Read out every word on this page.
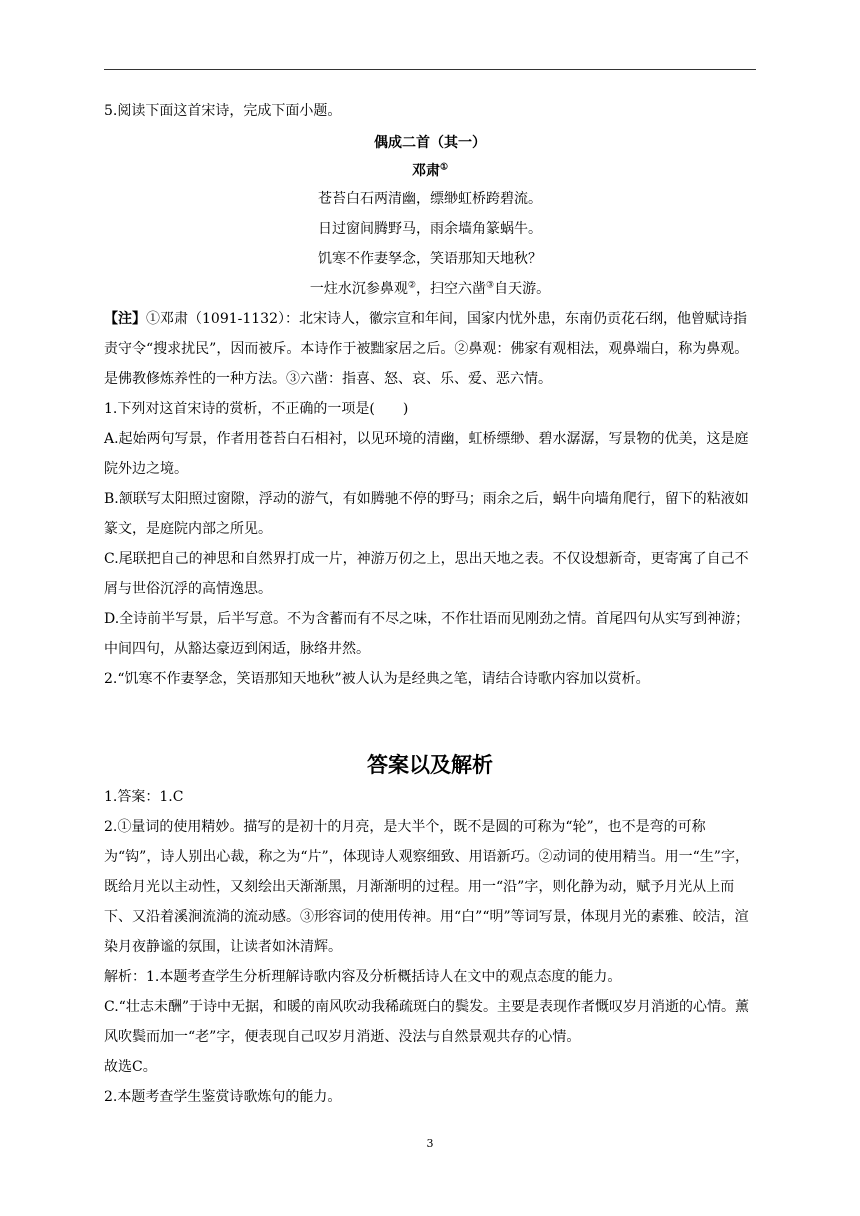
5.阅读下面这首宋诗，完成下面小题。
偶成二首（其一）
邓肃①
苍苔白石两清幽，缥缈虹桥跨碧流。
日过窗间腾野马，雨余墙角篆蜗牛。
饥寒不作妻孥念，笑语那知天地秋？
一炷水沉参鼻观②，扫空六凿③自天游。
【注】①邓肃（1091-1132）：北宋诗人，徽宗宣和年间，国家内忧外患，东南仍贡花石纲，他曾赋诗指责守令“搜求扰民”，因而被斥。本诗作于被黜家居之后。②鼻观：佛家有观相法，观鼻端白，称为鼻观。是佛教修炼养性的一种方法。③六凿：指喜、怒、哀、乐、爱、恶六情。
1.下列对这首宋诗的赏析，不正确的一项是(　　)
A.起始两句写景，作者用苍苔白石相衬，以见环境的清幽，虹桥缥缈、碧水潺潺，写景物的优美，这是庭院外边之境。
B.颔联写太阳照过窗隙，浮动的游气，有如腾驰不停的野马；雨余之后，蜗牛向墙角爬行，留下的粘液如篆文，是庭院内部之所见。
C.尾联把自己的神思和自然界打成一片，神游万仞之上，思出天地之表。不仅设想新奇，更寄寓了自己不屑与世俗沉浮的高情逸思。
D.全诗前半写景，后半写意。不为含蓄而有不尽之味，不作壮语而见刚劲之情。首尾四句从实写到神游；中间四句，从豁达豪迈到闲适，脉络井然。
2.“饥寒不作妻孥念，笑语那知天地秋”被人认为是经典之笔，请结合诗歌内容加以赏析。
答案以及解析
1.答案：1.C
2.①量词的使用精妙。描写的是初十的月亮，是大半个，既不是圆的可称为“轮”，也不是弯的可称为“钩”，诗人别出心裁，称之为“片”，体现诗人观察细致、用语新巧。②动词的使用精当。用一“生”字，既给月光以主动性，又刻绘出天渐渐黑，月渐渐明的过程。用一“沿”字，则化静为动，赋予月光从上而下、又沿着溪涧流淌的流动感。③形容词的使用传神。用“白”“明”等词写景，体现月光的素雅、皎洁，渲染月夜静谧的氛围，让读者如沐清辉。
解析：1.本题考查学生分析理解诗歌内容及分析概括诗人在文中的观点态度的能力。
C.“壮志未酬”于诗中无据，和暖的南风吹动我稀疏斑白的鬓发。主要是表现作者慨叹岁月消逝的心情。薰风吹鬓而加一“老”字，便表现自己叹岁月消逝、没法与自然景观共存的心情。
故选C。
2.本题考查学生鉴赏诗歌炼句的能力。
3
